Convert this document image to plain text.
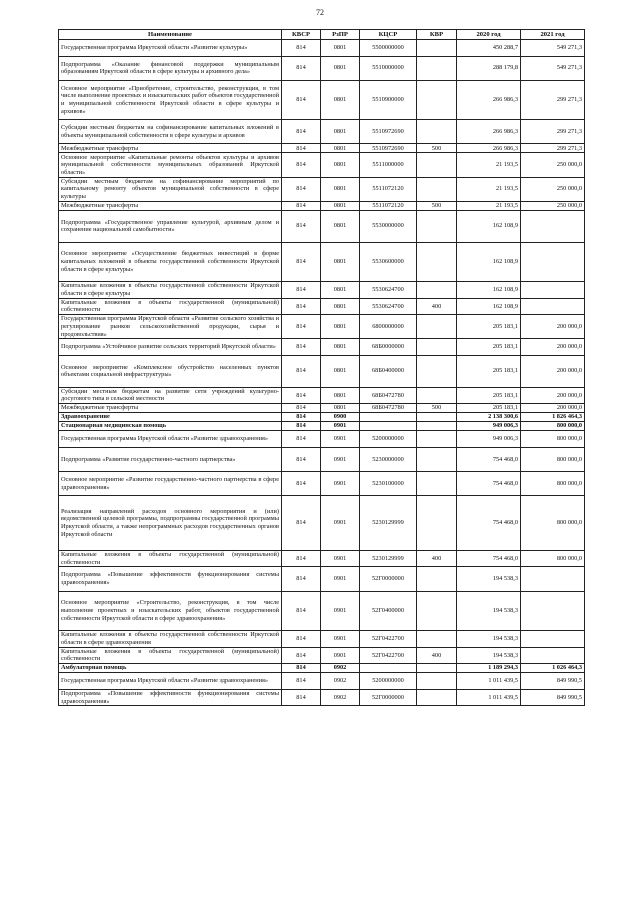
72
Наименование	КВСР	РзПР	КЦСР	КВР	2020 год	2021 год
Государственная программа Иркутской области «Развитие культуры»	814	0801	5500000000		450 288,7	549 271,3
Подпрограмма «Оказание финансовой поддержки муниципальным образованиям Иркутской области в сфере культуры и архивного дела»	814	0801	5510000000		288 179,8	549 271,3
Основное мероприятие «Приобретение, строительство, реконструкция, в том числе выполнение проектных и изыскательских работ объектов государственной и муниципальной собственности Иркутской области в сфере культуры и архивов»	814	0801	5510900000		266 986,3	299 271,3
Субсидии местным бюджетам на софинансирование капитальных вложений в объекты муниципальной собственности в сфере культуры и архивов	814	0801	5510972690		266 986,3	299 271,3
Межбюджетные трансферты	814	0801	5510972690	500	266 986,3	299 271,3
Основное мероприятие «Капитальные ремонты объектов культуры и архивов муниципальной собственности муниципальных образований Иркутской области»	814	0801	5511000000		21 193,5	250 000,0
Субсидии местным бюджетам на софинансирование мероприятий по капитальному ремонту объектов муниципальной собственности в сфере культуры	814	0801	5511072120		21 193,5	250 000,0
Межбюджетные трансферты	814	0801	5511072120	500	21 193,5	250 000,0
Подпрограмма «Государственное управление культурой, архивным делом и сохранение национальной самобытности»	814	0801	5530000000		162 108,9	
Основное мероприятие «Осуществление бюджетных инвестиций в форме капитальных вложений в объекты государственной собственности Иркутской области в сфере культуры»	814	0801	5530600000		162 108,9	
Капитальные вложения в объекты государственной собственности Иркутской области в сфере культуры	814	0801	5530624700		162 108,9	
Капитальные вложения в объекты государственной (муниципальной) собственности	814	0801	5530624700	400	162 108,9	
Государственная программа Иркутской области «Развитие сельского хозяйства и регулирование рынков сельскохозяйственной продукции, сырья и продовольствия»	814	0801	6800000000		205 183,1	200 000,0
Подпрограмма «Устойчивое развитие сельских территорий Иркутской области»	814	0801	68Б0000000		205 183,1	200 000,0
Основное мероприятие «Комплексное обустройство населенных пунктов объектами социальной инфраструктуры»	814	0801	68Б0400000		205 183,1	200 000,0
Субсидии местным бюджетам на развитие сети учреждений культурно-досугового типа в сельской местности	814	0801	68Б0472780		205 183,1	200 000,0
Межбюджетные трансферты	814	0801	68Б0472780	500	205 183,1	200 000,0
Здравоохранение	814	0900			2 138 300,6	1 826 464,3
Стационарная медицинская помощь	814	0901			949 006,3	800 000,0
Государственная программа Иркутской области «Развитие здравоохранения»	814	0901	5200000000		949 006,3	800 000,0
Подпрограмма «Развитие государственно-частного партнерства»	814	0901	5230000000		754 468,0	800 000,0
Основное мероприятие «Развитие государственно-частного партнерства в сфере здравоохранения»	814	0901	5230100000		754 468,0	800 000,0
Реализация направлений расходов основного мероприятия и (или) ведомственной целевой программы, подпрограммы государственной программы Иркутской области, а также непрограммных расходов государственных органов Иркутской области	814	0901	5230129999		754 468,0	800 000,0
Капитальные вложения в объекты государственной (муниципальной) собственности	814	0901	5230129999	400	754 468,0	800 000,0
Подпрограмма «Повышение эффективности функционирования системы здравоохранения»	814	0901	52Г0000000		194 538,3	
Основное мероприятие «Строительство, реконструкция, в том числе выполнение проектных и изыскательских работ, объектов государственной собственности Иркутской области в сфере здравоохранения»	814	0901	52Г0400000		194 538,3	
Капитальные вложения в объекты государственной собственности Иркутской области в сфере здравоохранения	814	0901	52Г0422700		194 538,3	
Капитальные вложения в объекты государственной (муниципальной) собственности	814	0901	52Г0422700	400	194 538,3	
Амбулаторная помощь	814	0902			1 189 294,3	1 026 464,3
Государственная программа Иркутской области «Развитие здравоохранения»	814	0902	5200000000		1 011 439,5	849 990,5
Подпрограмма «Повышение эффективности функционирования системы здравоохранения»	814	0902	52Г0000000		1 011 439,5	849 990,5
